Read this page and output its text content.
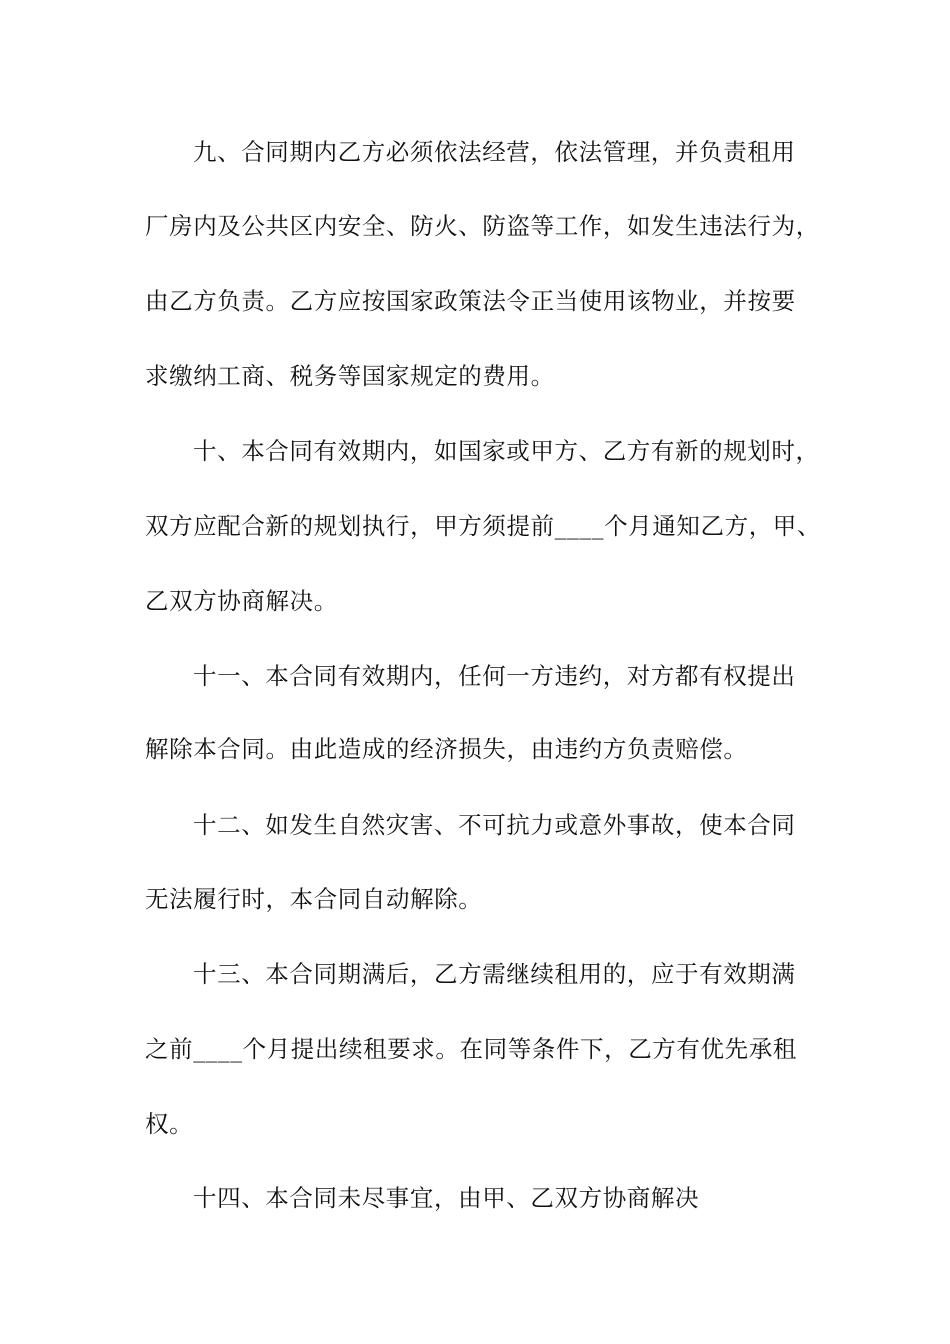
九、合同期内乙方必须依法经营，依法管理，并负责租用
厂房内及公共区内安全、防火、防盗等工作，如发生违法行为，
由乙方负责。乙方应按国家政策法令正当使用该物业，并按要
求缴纳工商、税务等国家规定的费用。
十、本合同有效期内，如国家或甲方、乙方有新的规划时，
双方应配合新的规划执行，甲方须提前____个月通知乙方，甲、
乙双方协商解决。
十一、本合同有效期内，任何一方违约，对方都有权提出
解除本合同。由此造成的经济损失，由违约方负责赔偿。
十二、如发生自然灾害、不可抗力或意外事故，使本合同
无法履行时，本合同自动解除。
十三、本合同期满后，乙方需继续租用的，应于有效期满
之前____个月提出续租要求。在同等条件下，乙方有优先承租
权。
十四、本合同未尽事宜，由甲、乙双方协商解决
